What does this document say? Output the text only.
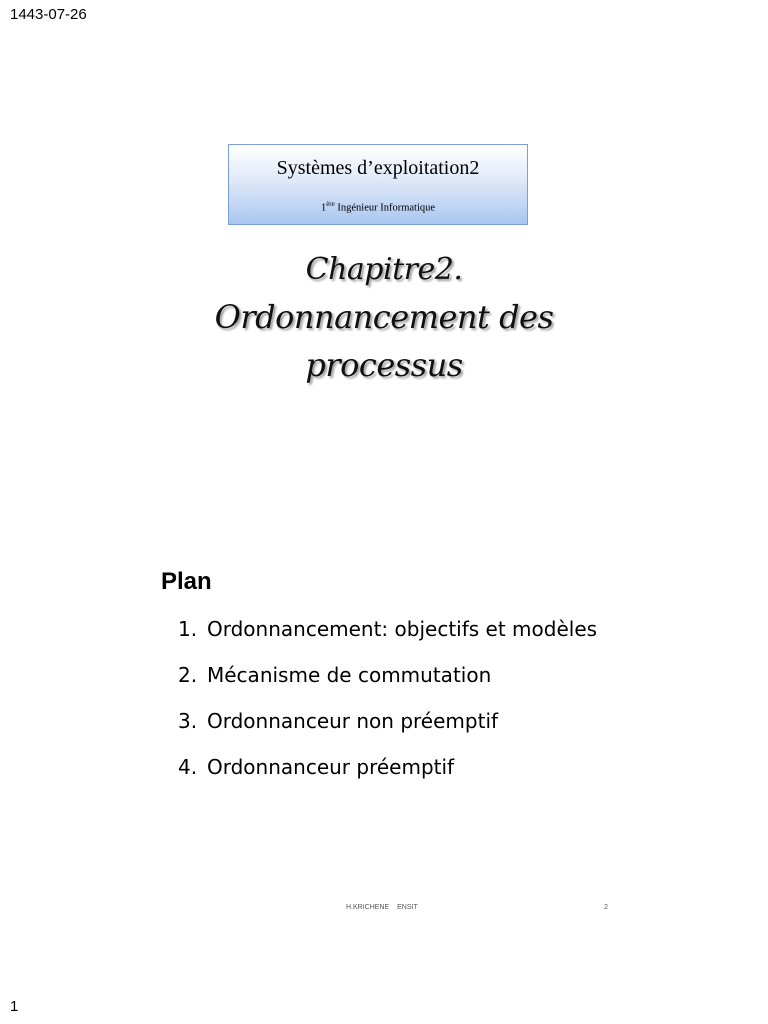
1443-07-26
Systèmes d’exploitation2
1ère Ingénieur Informatique
Chapitre2.
Ordonnancement des
processus
Plan
1. Ordonnancement: objectifs et modèles
2. Mécanisme de commutation
3. Ordonnanceur non préemptif
4. Ordonnanceur préemptif
H.KRICHENE ENSIT	2
1
